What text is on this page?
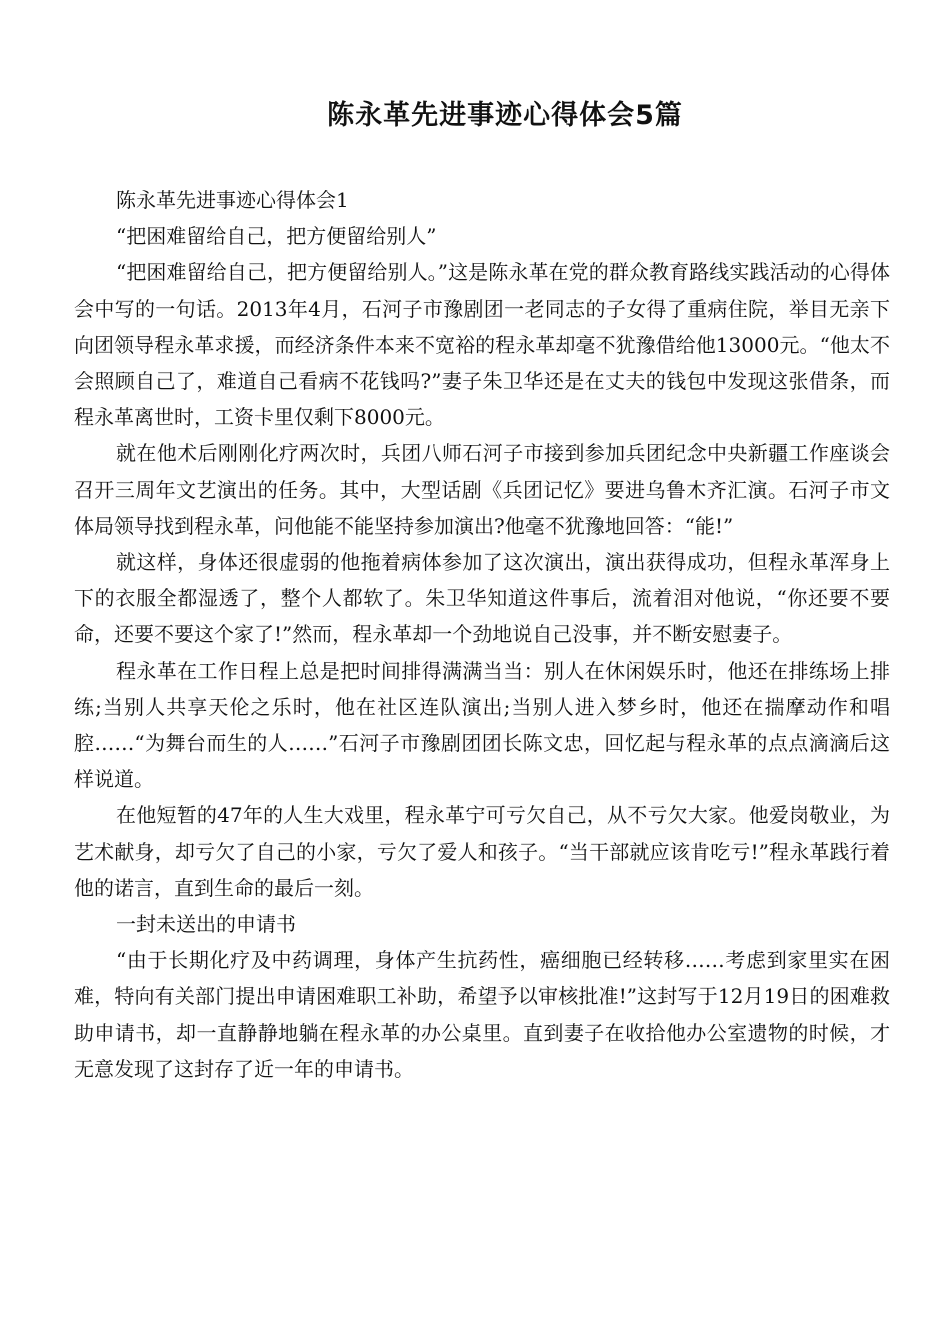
陈永革先进事迹心得体会5篇

陈永革先进事迹心得体会1

“把困难留给自己，把方便留给别人”

“把困难留给自己，把方便留给别人。”这是陈永革在党的群众教育路线实践活动的心得体会中写的一句话。2013年4月，石河子市豫剧团一老同志的子女得了重病住院，举目无亲下向团领导程永革求援，而经济条件本来不宽裕的程永革却毫不犹豫借给他13000元。“他太不会照顾自己了，难道自己看病不花钱吗?”妻子朱卫华还是在丈夫的钱包中发现这张借条，而程永革离世时，工资卡里仅剩下8000元。

就在他术后刚刚化疗两次时，兵团八师石河子市接到参加兵团纪念中央新疆工作座谈会召开三周年文艺演出的任务。其中，大型话剧《兵团记忆》要进乌鲁木齐汇演。石河子市文体局领导找到程永革，问他能不能坚持参加演出?他毫不犹豫地回答：“能!”

就这样，身体还很虚弱的他拖着病体参加了这次演出，演出获得成功，但程永革浑身上下的衣服全都湿透了，整个人都软了。朱卫华知道这件事后，流着泪对他说，“你还要不要命，还要不要这个家了!”然而，程永革却一个劲地说自己没事，并不断安慰妻子。

程永革在工作日程上总是把时间排得满满当当：别人在休闲娱乐时，他还在排练场上排练;当别人共享天伦之乐时，他在社区连队演出;当别人进入梦乡时，他还在揣摩动作和唱腔……“为舞台而生的人……”石河子市豫剧团团长陈文忠，回忆起与程永革的点点滴滴后这样说道。

在他短暂的47年的人生大戏里，程永革宁可亏欠自己，从不亏欠大家。他爱岗敬业，为艺术献身，却亏欠了自己的小家，亏欠了爱人和孩子。“当干部就应该肯吃亏!”程永革践行着他的诺言，直到生命的最后一刻。

一封未送出的申请书

“由于长期化疗及中药调理，身体产生抗药性，癌细胞已经转移……考虑到家里实在困难，特向有关部门提出申请困难职工补助，希望予以审核批准!”这封写于12月19日的困难救助申请书，却一直静静地躺在程永革的办公桌里。直到妻子在收拾他办公室遗物的时候，才无意发现了这封存了近一年的申请书。
